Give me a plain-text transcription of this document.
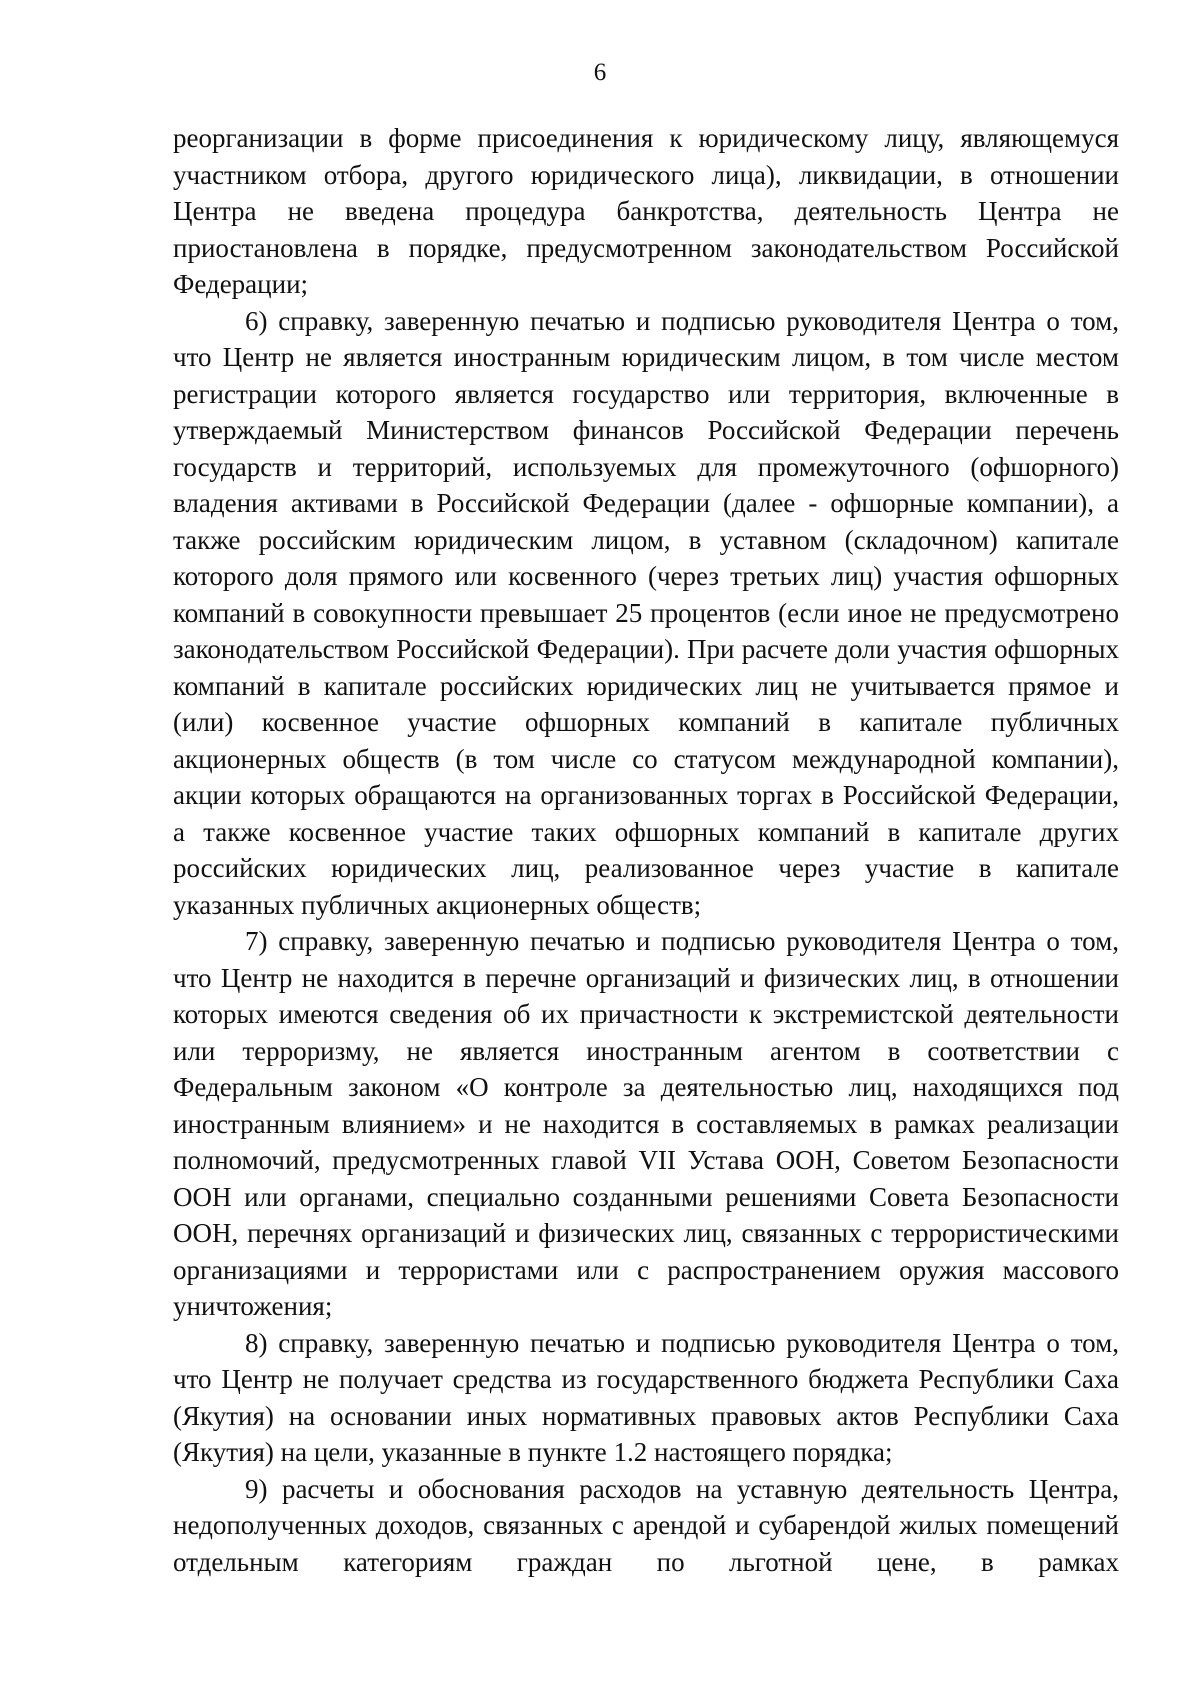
6

реорганизации в форме присоединения к юридическому лицу, являющемуся участником отбора, другого юридического лица), ликвидации, в отношении Центра не введена процедура банкротства, деятельность Центра не приостановлена в порядке, предусмотренном законодательством Российской Федерации;

6) справку, заверенную печатью и подписью руководителя Центра о том, что Центр не является иностранным юридическим лицом, в том числе местом регистрации которого является государство или территория, включенные в утверждаемый Министерством финансов Российской Федерации перечень государств и территорий, используемых для промежуточного (офшорного) владения активами в Российской Федерации (далее - офшорные компании), а также российским юридическим лицом, в уставном (складочном) капитале которого доля прямого или косвенного (через третьих лиц) участия офшорных компаний в совокупности превышает 25 процентов (если иное не предусмотрено законодательством Российской Федерации). При расчете доли участия офшорных компаний в капитале российских юридических лиц не учитывается прямое и (или) косвенное участие офшорных компаний в капитале публичных акционерных обществ (в том числе со статусом международной компании), акции которых обращаются на организованных торгах в Российской Федерации, а также косвенное участие таких офшорных компаний в капитале других российских юридических лиц, реализованное через участие в капитале указанных публичных акционерных обществ;

7) справку, заверенную печатью и подписью руководителя Центра о том, что Центр не находится в перечне организаций и физических лиц, в отношении которых имеются сведения об их причастности к экстремистской деятельности или терроризму, не является иностранным агентом в соответствии с Федеральным законом «О контроле за деятельностью лиц, находящихся под иностранным влиянием» и не находится в составляемых в рамках реализации полномочий, предусмотренных главой VII Устава ООН, Советом Безопасности ООН или органами, специально созданными решениями Совета Безопасности ООН, перечнях организаций и физических лиц, связанных с террористическими организациями и террористами или с распространением оружия массового уничтожения;

8) справку, заверенную печатью и подписью руководителя Центра о том, что Центр не получает средства из государственного бюджета Республики Саха (Якутия) на основании иных нормативных правовых актов Республики Саха (Якутия) на цели, указанные в пункте 1.2 настоящего порядка;

9) расчеты и обоснования расходов на уставную деятельность Центра, недополученных доходов, связанных с арендой и субарендой жилых помещений отдельным категориям граждан по льготной цене, в рамках
